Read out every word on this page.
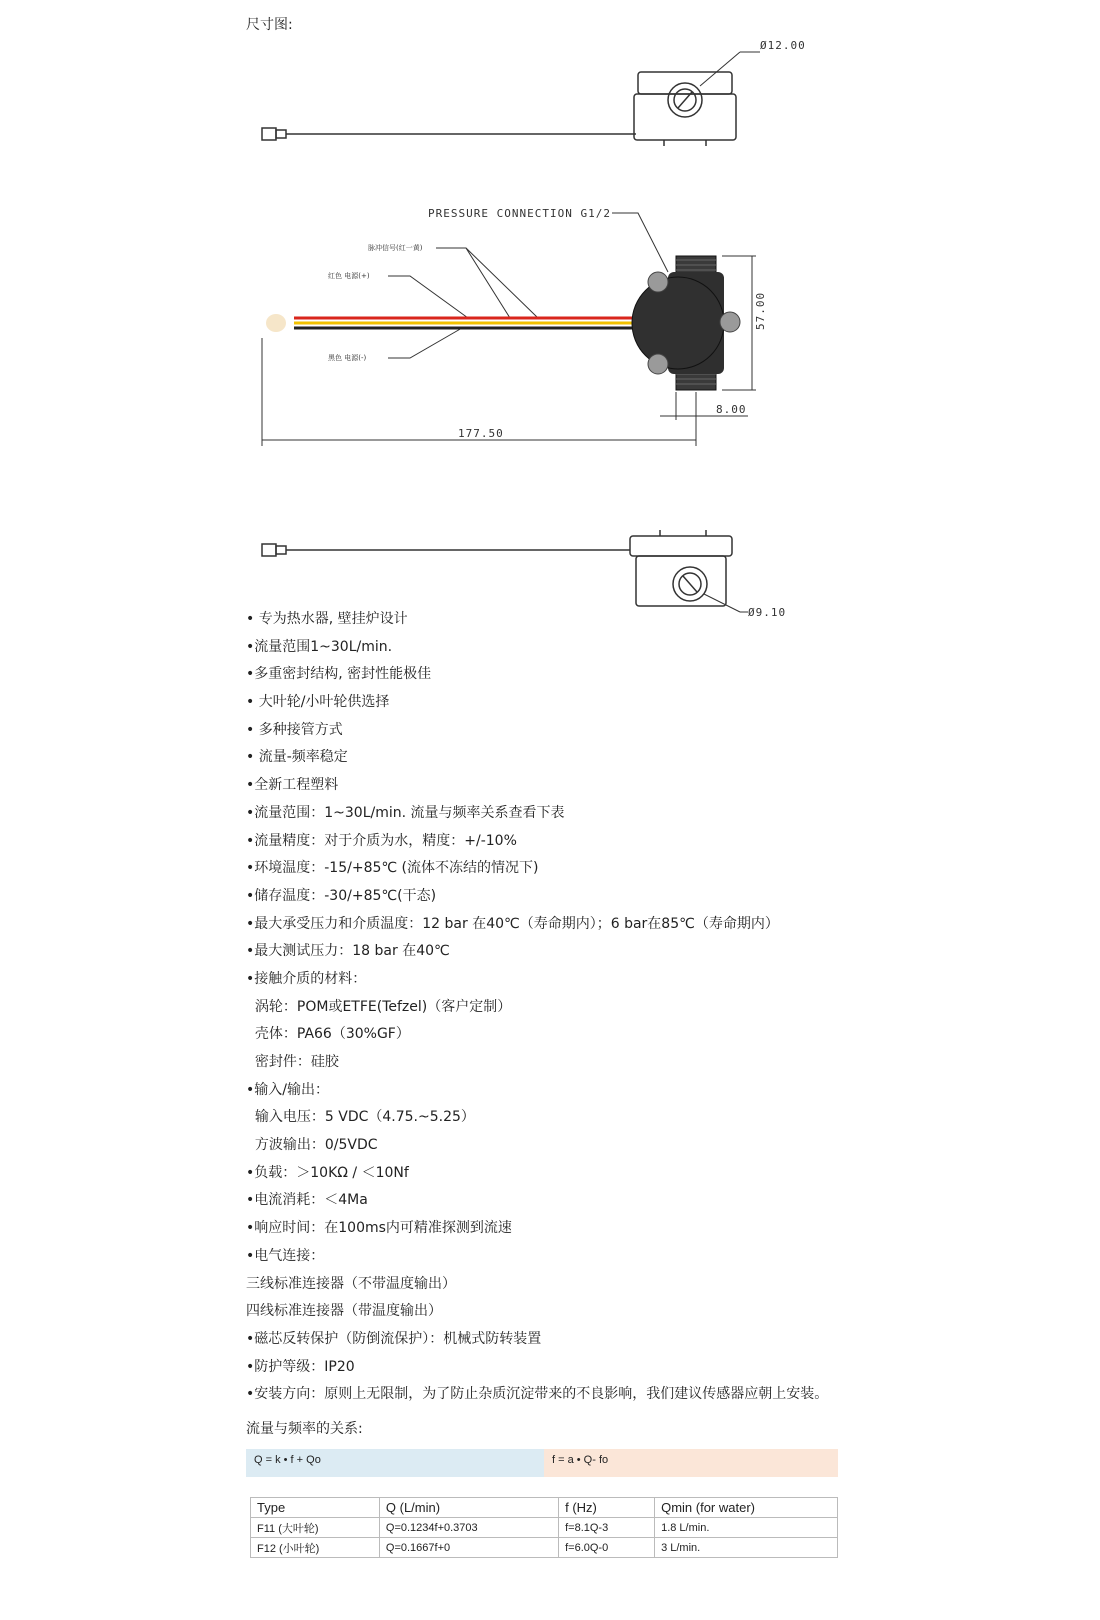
尺寸图:
Ø12.00
PRESSURE CONNECTION G1/2
脉冲信号(红一黄)
红色 电源(+)
黑色 电源(-)
57.00
8.00
177.50
Ø9.10
• 专为热水器, 壁挂炉设计
•流量范围1~30L/min.
•多重密封结构, 密封性能极佳
• 大叶轮/小叶轮供选择
• 多种接管方式
• 流量-频率稳定
•全新工程塑料
•流量范围：1~30L/min. 流量与频率关系查看下表
•流量精度：对于介质为水，精度：+/-10%
•环境温度：-15/+85℃ (流体不冻结的情况下)
•储存温度：-30/+85℃(干态)
•最大承受压力和介质温度：12 bar 在40℃（寿命期内）；6 bar在85℃（寿命期内）
•最大测试压力：18 bar 在40℃
•接触介质的材料：
涡轮：POM或ETFE(Tefzel)（客户定制）
壳体：PA66（30%GF）
密封件：硅胶
•输入/输出：
输入电压：5 VDC（4.75.~5.25）
方波输出：0/5VDC
•负载：＞10KΩ / ＜10Nf
•电流消耗：＜4Ma
•响应时间：在100ms内可精准探测到流速
•电气连接：
三线标准连接器（不带温度输出）
四线标准连接器（带温度输出）
•磁芯反转保护（防倒流保护）：机械式防转装置
•防护等级：IP20
•安装方向：原则上无限制，为了防止杂质沉淀带来的不良影响，我们建议传感器应朝上安装。
流量与频率的关系:
Q = k • f + Qo	f = a • Q- fo
Type	Q (L/min)	f (Hz)	Qmin (for water)
F11 (大叶轮)	Q=0.1234f+0.3703	f=8.1Q-3	1.8 L/min.
F12 (小叶轮)	Q=0.1667f+0	f=6.0Q-0	3 L/min.
